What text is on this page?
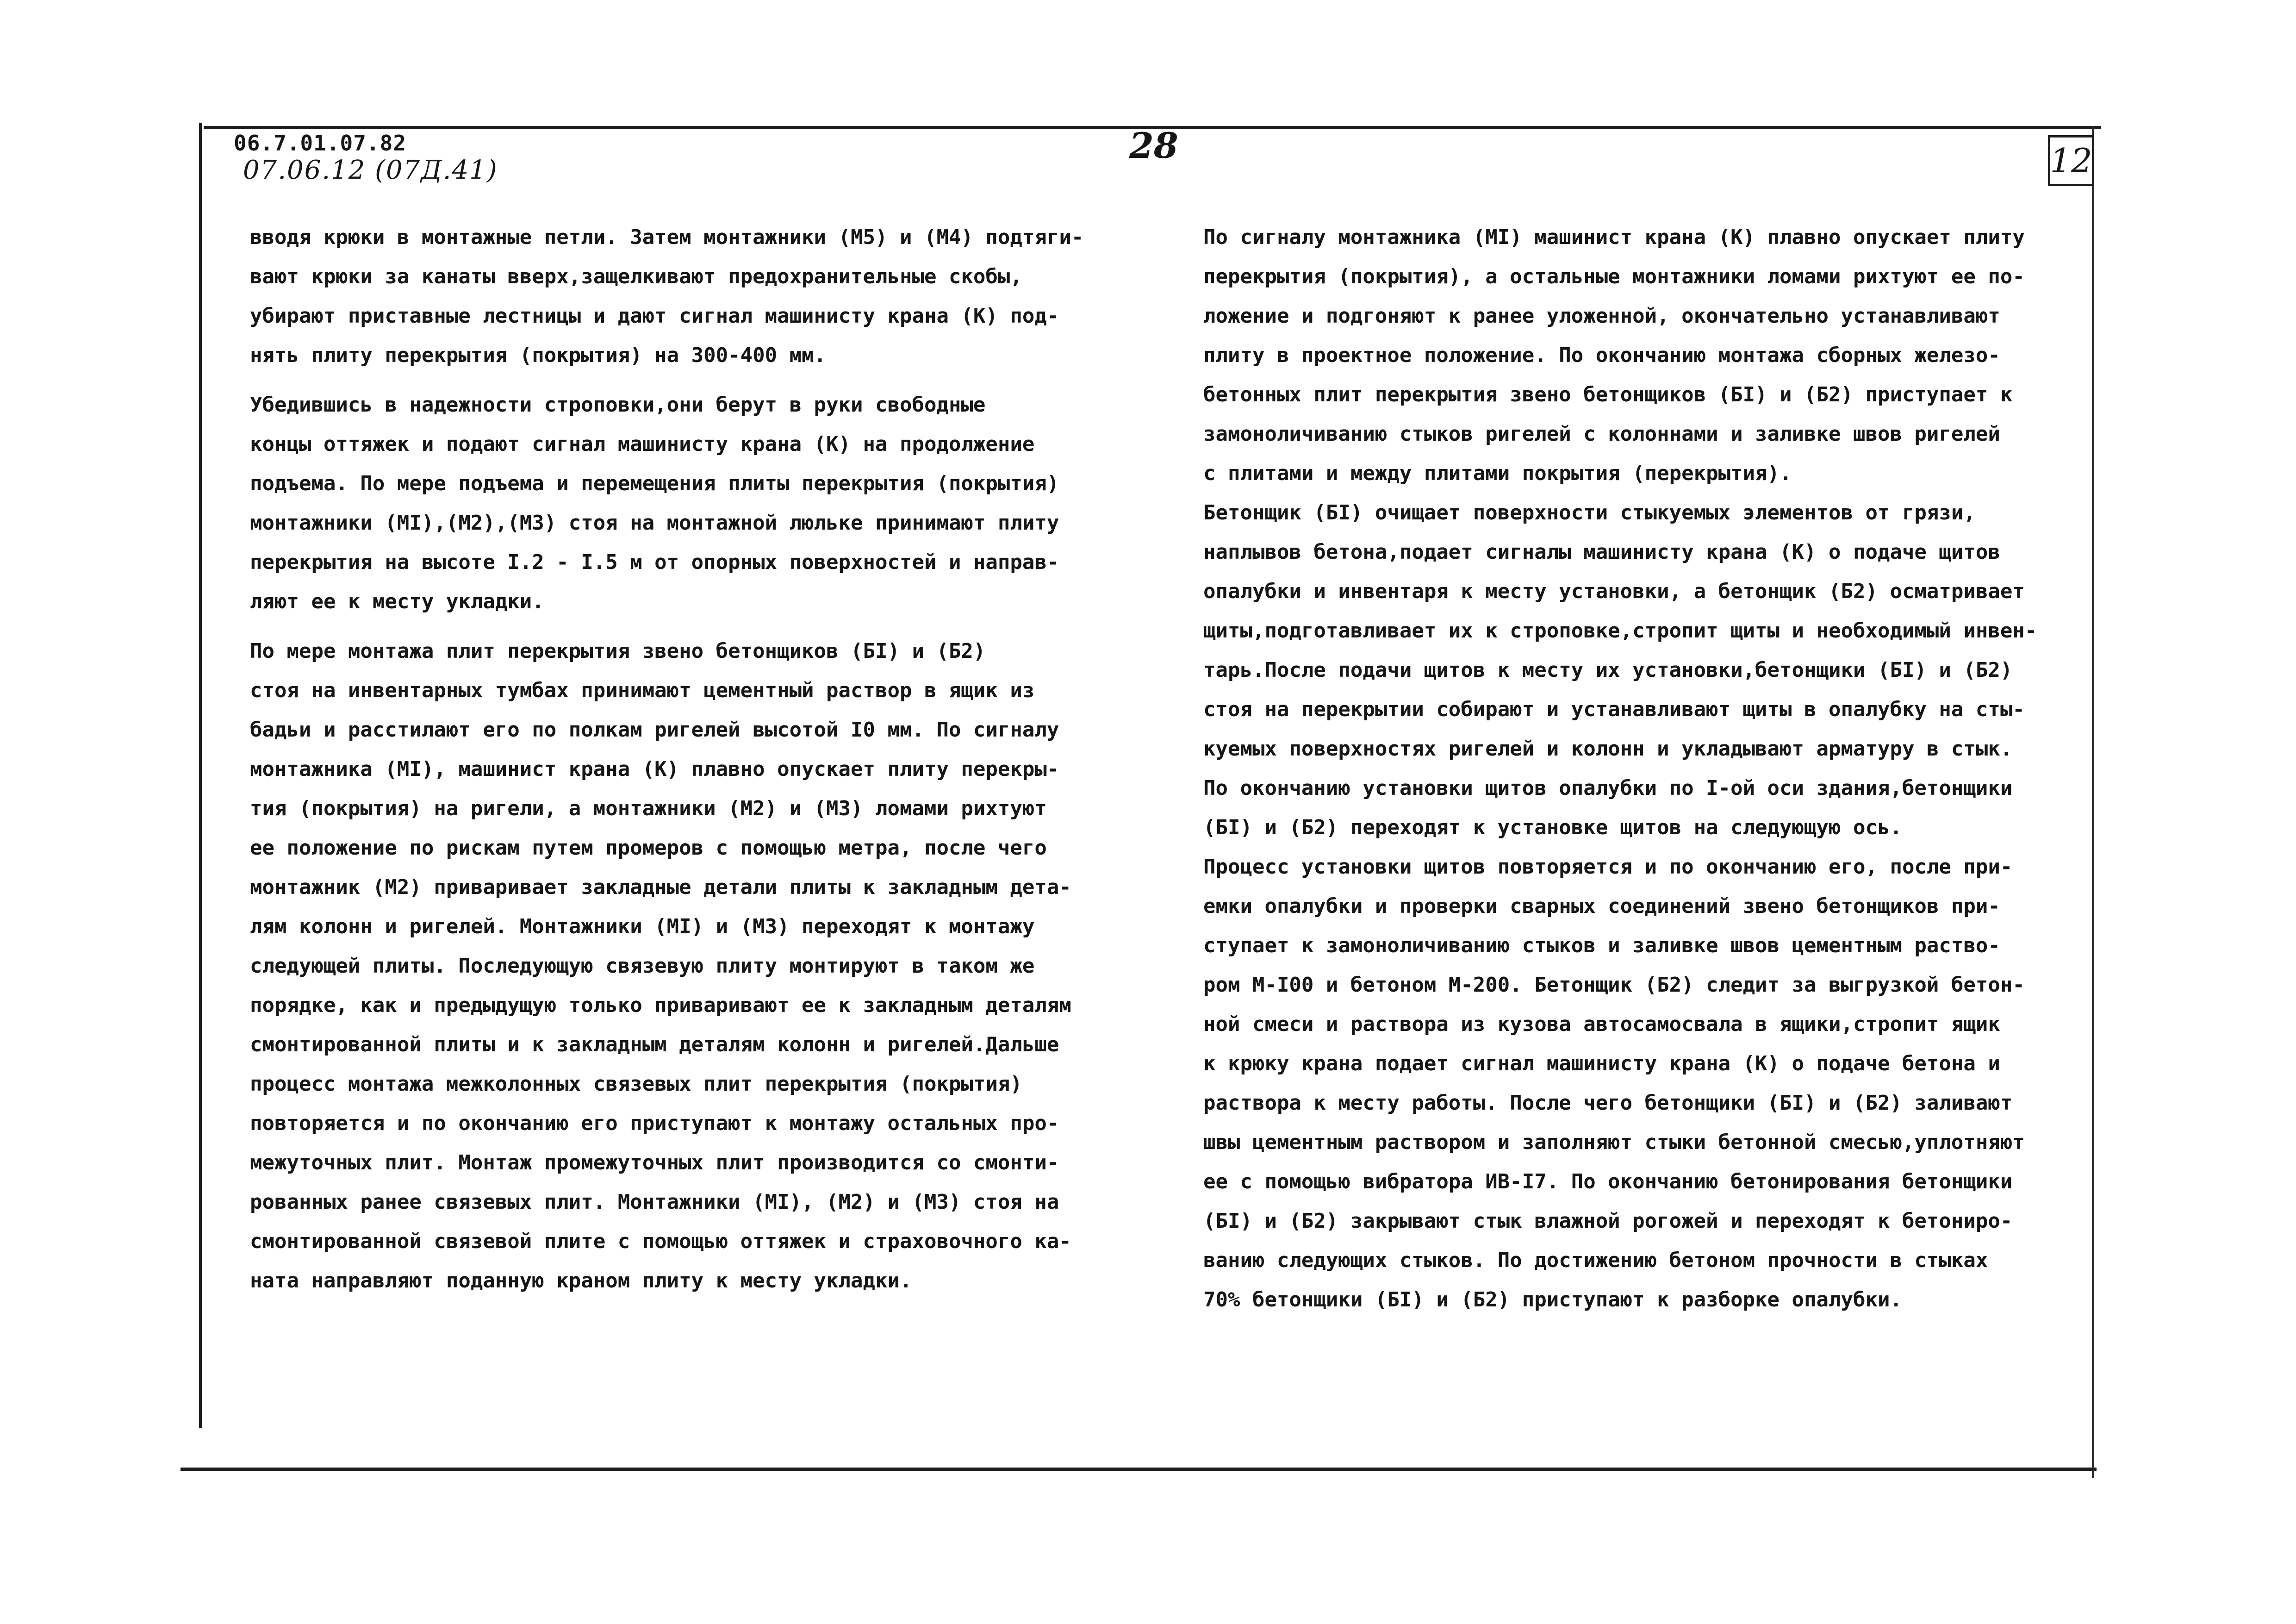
06.7.01.07.82
07.06.12 (07Д.41)
28	12
вводя крюки в монтажные петли. Затем монтажники (M5) и (M4) подтяги-
вают крюки за канаты вверх,защелкивают предохранительные скобы,
убирают приставные лестницы и дают сигнал машинисту крана (K) под-
нять плиту перекрытия (покрытия) на 300-400 мм.
Убедившись в надежности строповки,они берут в руки свободные
концы оттяжек и подают сигнал машинисту крана (K) на продолжение
подъема. По мере подъема и перемещения плиты перекрытия (покрытия)
монтажники (MI),(M2),(M3) стоя на монтажной люльке принимают плиту
перекрытия на высоте I.2 - I.5 м от опорных поверхностей и направ-
ляют ее к месту укладки.
По мере монтажа плит перекрытия звено бетонщиков (БI) и (Б2)
стоя на инвентарных тумбах принимают цементный раствор в ящик из
бадьи и расстилают его по полкам ригелей высотой I0 мм. По сигналу
монтажника (MI), машинист крана (K) плавно опускает плиту перекры-
тия (покрытия) на ригели, а монтажники (M2) и (M3) ломами рихтуют
ее положение по рискам путем промеров с помощью метра, после чего
монтажник (M2) приваривает закладные детали плиты к закладным дета-
лям колонн и ригелей. Монтажники (MI) и (M3) переходят к монтажу
следующей плиты. Последующую связевую плиту монтируют в таком же
порядке, как и предыдущую только приваривают ее к закладным деталям
смонтированной плиты и к закладным деталям колонн и ригелей.Дальше
процесс монтажа межколонных связевых плит перекрытия (покрытия)
повторяется и по окончанию его приступают к монтажу остальных про-
межуточных плит. Монтаж промежуточных плит производится со смонти-
рованных ранее связевых плит. Монтажники (MI), (M2) и (M3) стоя на
смонтированной связевой плите с помощью оттяжек и страховочного ка-
ната направляют поданную краном плиту к месту укладки.
По сигналу монтажника (MI) машинист крана (K) плавно опускает плиту
перекрытия (покрытия), а остальные монтажники ломами рихтуют ее по-
ложение и подгоняют к ранее уложенной, окончательно устанавливают
плиту в проектное положение. По окончанию монтажа сборных железо-
бетонных плит перекрытия звено бетонщиков (БI) и (Б2) приступает к
замоноличиванию стыков ригелей с колоннами и заливке швов ригелей
с плитами и между плитами покрытия (перекрытия).
Бетонщик (БI) очищает поверхности стыкуемых элементов от грязи,
наплывов бетона,подает сигналы машинисту крана (K) о подаче щитов
опалубки и инвентаря к месту установки, а бетонщик (Б2) осматривает
щиты,подготавливает их к строповке,стропит щиты и необходимый инвен-
тарь.После подачи щитов к месту их установки,бетонщики (БI) и (Б2)
стоя на перекрытии собирают и устанавливают щиты в опалубку на сты-
куемых поверхностях ригелей и колонн и укладывают арматуру в стык.
По окончанию установки щитов опалубки по I-ой оси здания,бетонщики
(БI) и (Б2) переходят к установке щитов на следующую ось.
Процесс установки щитов повторяется и по окончанию его, после при-
емки опалубки и проверки сварных соединений звено бетонщиков при-
ступает к замоноличиванию стыков и заливке швов цементным раство-
ром M-I00 и бетоном M-200. Бетонщик (Б2) следит за выгрузкой бетон-
ной смеси и раствора из кузова автосамосвала в ящики,стропит ящик
к крюку крана подает сигнал машинисту крана (K) о подаче бетона и
раствора к месту работы. После чего бетонщики (БI) и (Б2) заливают
швы цементным раствором и заполняют стыки бетонной смесью,уплотняют
ее с помощью вибратора ИВ-I7. По окончанию бетонирования бетонщики
(БI) и (Б2) закрывают стык влажной рогожей и переходят к бетониро-
ванию следующих стыков. По достижению бетоном прочности в стыках
70% бетонщики (БI) и (Б2) приступают к разборке опалубки.
